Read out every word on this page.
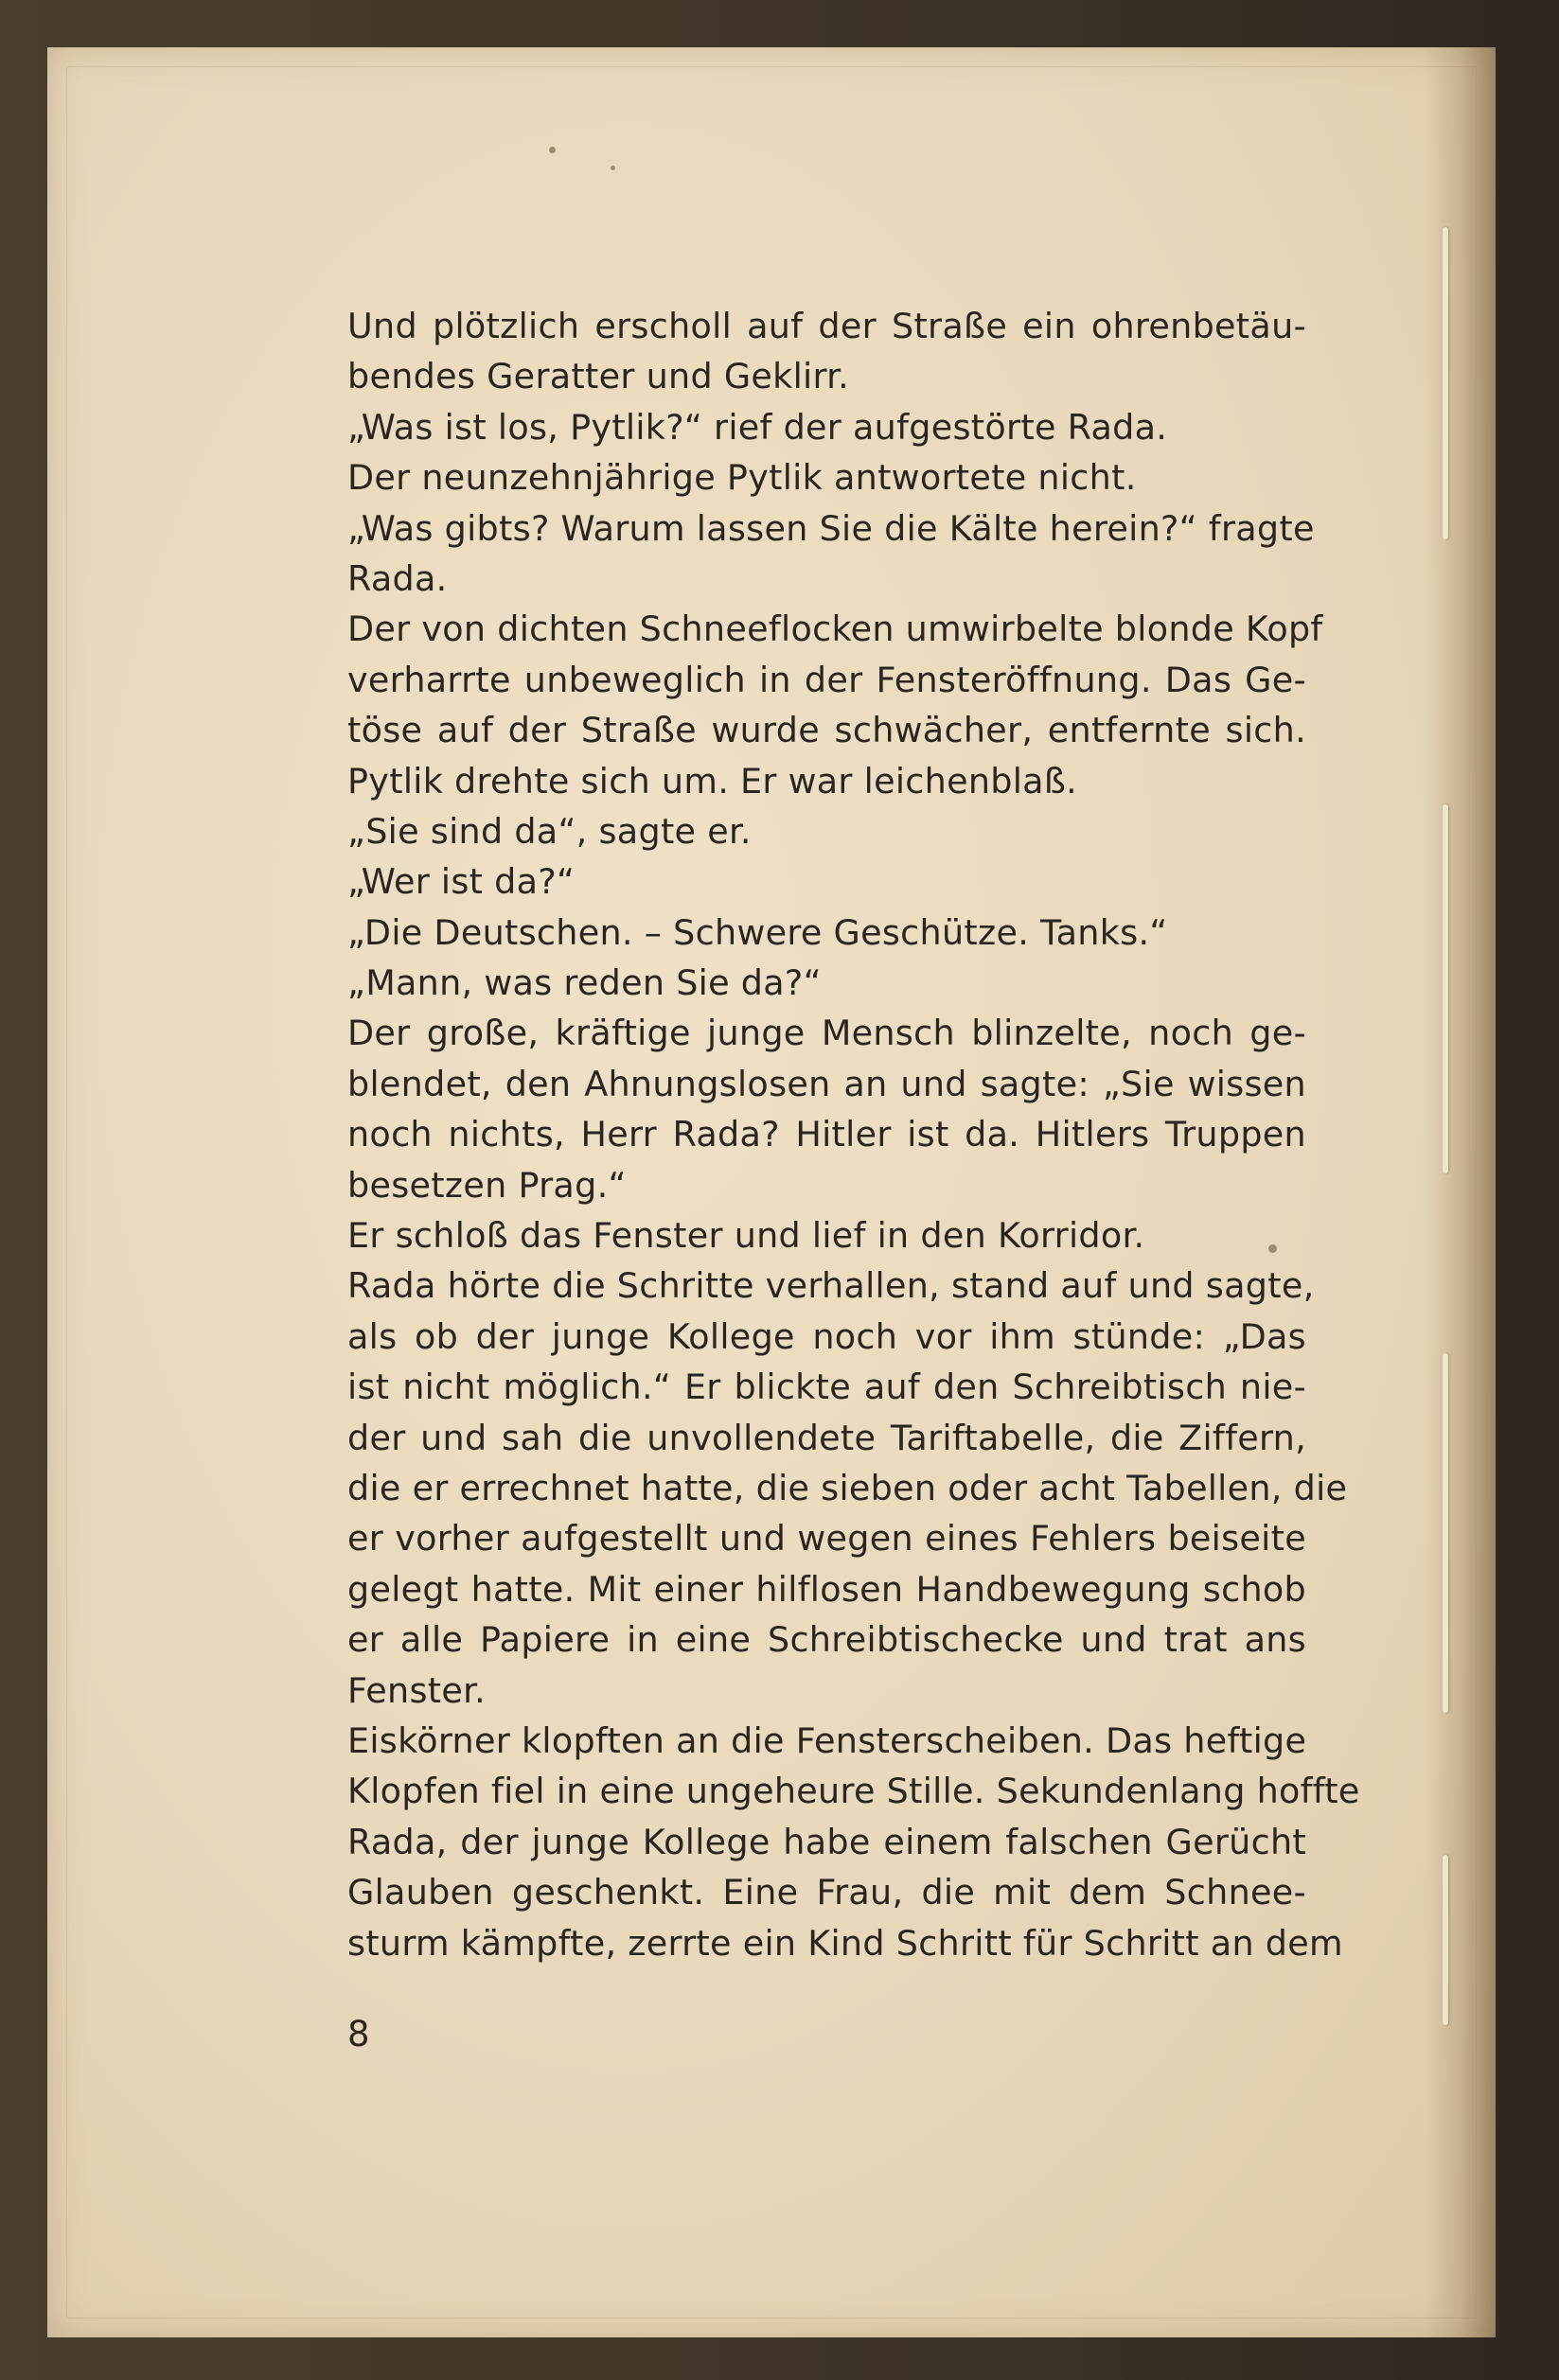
Und plötzlich erscholl auf der Straße ein ohrenbetäu-
bendes Geratter und Geklirr.
„Was ist los, Pytlik?“ rief der aufgestörte Rada.
Der neunzehnjährige Pytlik antwortete nicht.
„Was gibts? Warum lassen Sie die Kälte herein?“ fragte
Rada.
Der von dichten Schneeflocken umwirbelte blonde Kopf
verharrte unbeweglich in der Fensteröffnung. Das Ge-
töse auf der Straße wurde schwächer, entfernte sich.
Pytlik drehte sich um. Er war leichenblaß.
„Sie sind da“, sagte er.
„Wer ist da?“
„Die Deutschen. – Schwere Geschütze. Tanks.“
„Mann, was reden Sie da?“
Der große, kräftige junge Mensch blinzelte, noch ge-
blendet, den Ahnungslosen an und sagte: „Sie wissen
noch nichts, Herr Rada? Hitler ist da. Hitlers Truppen
besetzen Prag.“
Er schloß das Fenster und lief in den Korridor.
Rada hörte die Schritte verhallen, stand auf und sagte,
als ob der junge Kollege noch vor ihm stünde: „Das
ist nicht möglich.“ Er blickte auf den Schreibtisch nie-
der und sah die unvollendete Tariftabelle, die Ziffern,
die er errechnet hatte, die sieben oder acht Tabellen, die
er vorher aufgestellt und wegen eines Fehlers beiseite
gelegt hatte. Mit einer hilflosen Handbewegung schob
er alle Papiere in eine Schreibtischecke und trat ans
Fenster.
Eiskörner klopften an die Fensterscheiben. Das heftige
Klopfen fiel in eine ungeheure Stille. Sekundenlang hoffte
Rada, der junge Kollege habe einem falschen Gerücht
Glauben geschenkt. Eine Frau, die mit dem Schnee-
sturm kämpfte, zerrte ein Kind Schritt für Schritt an dem
8
